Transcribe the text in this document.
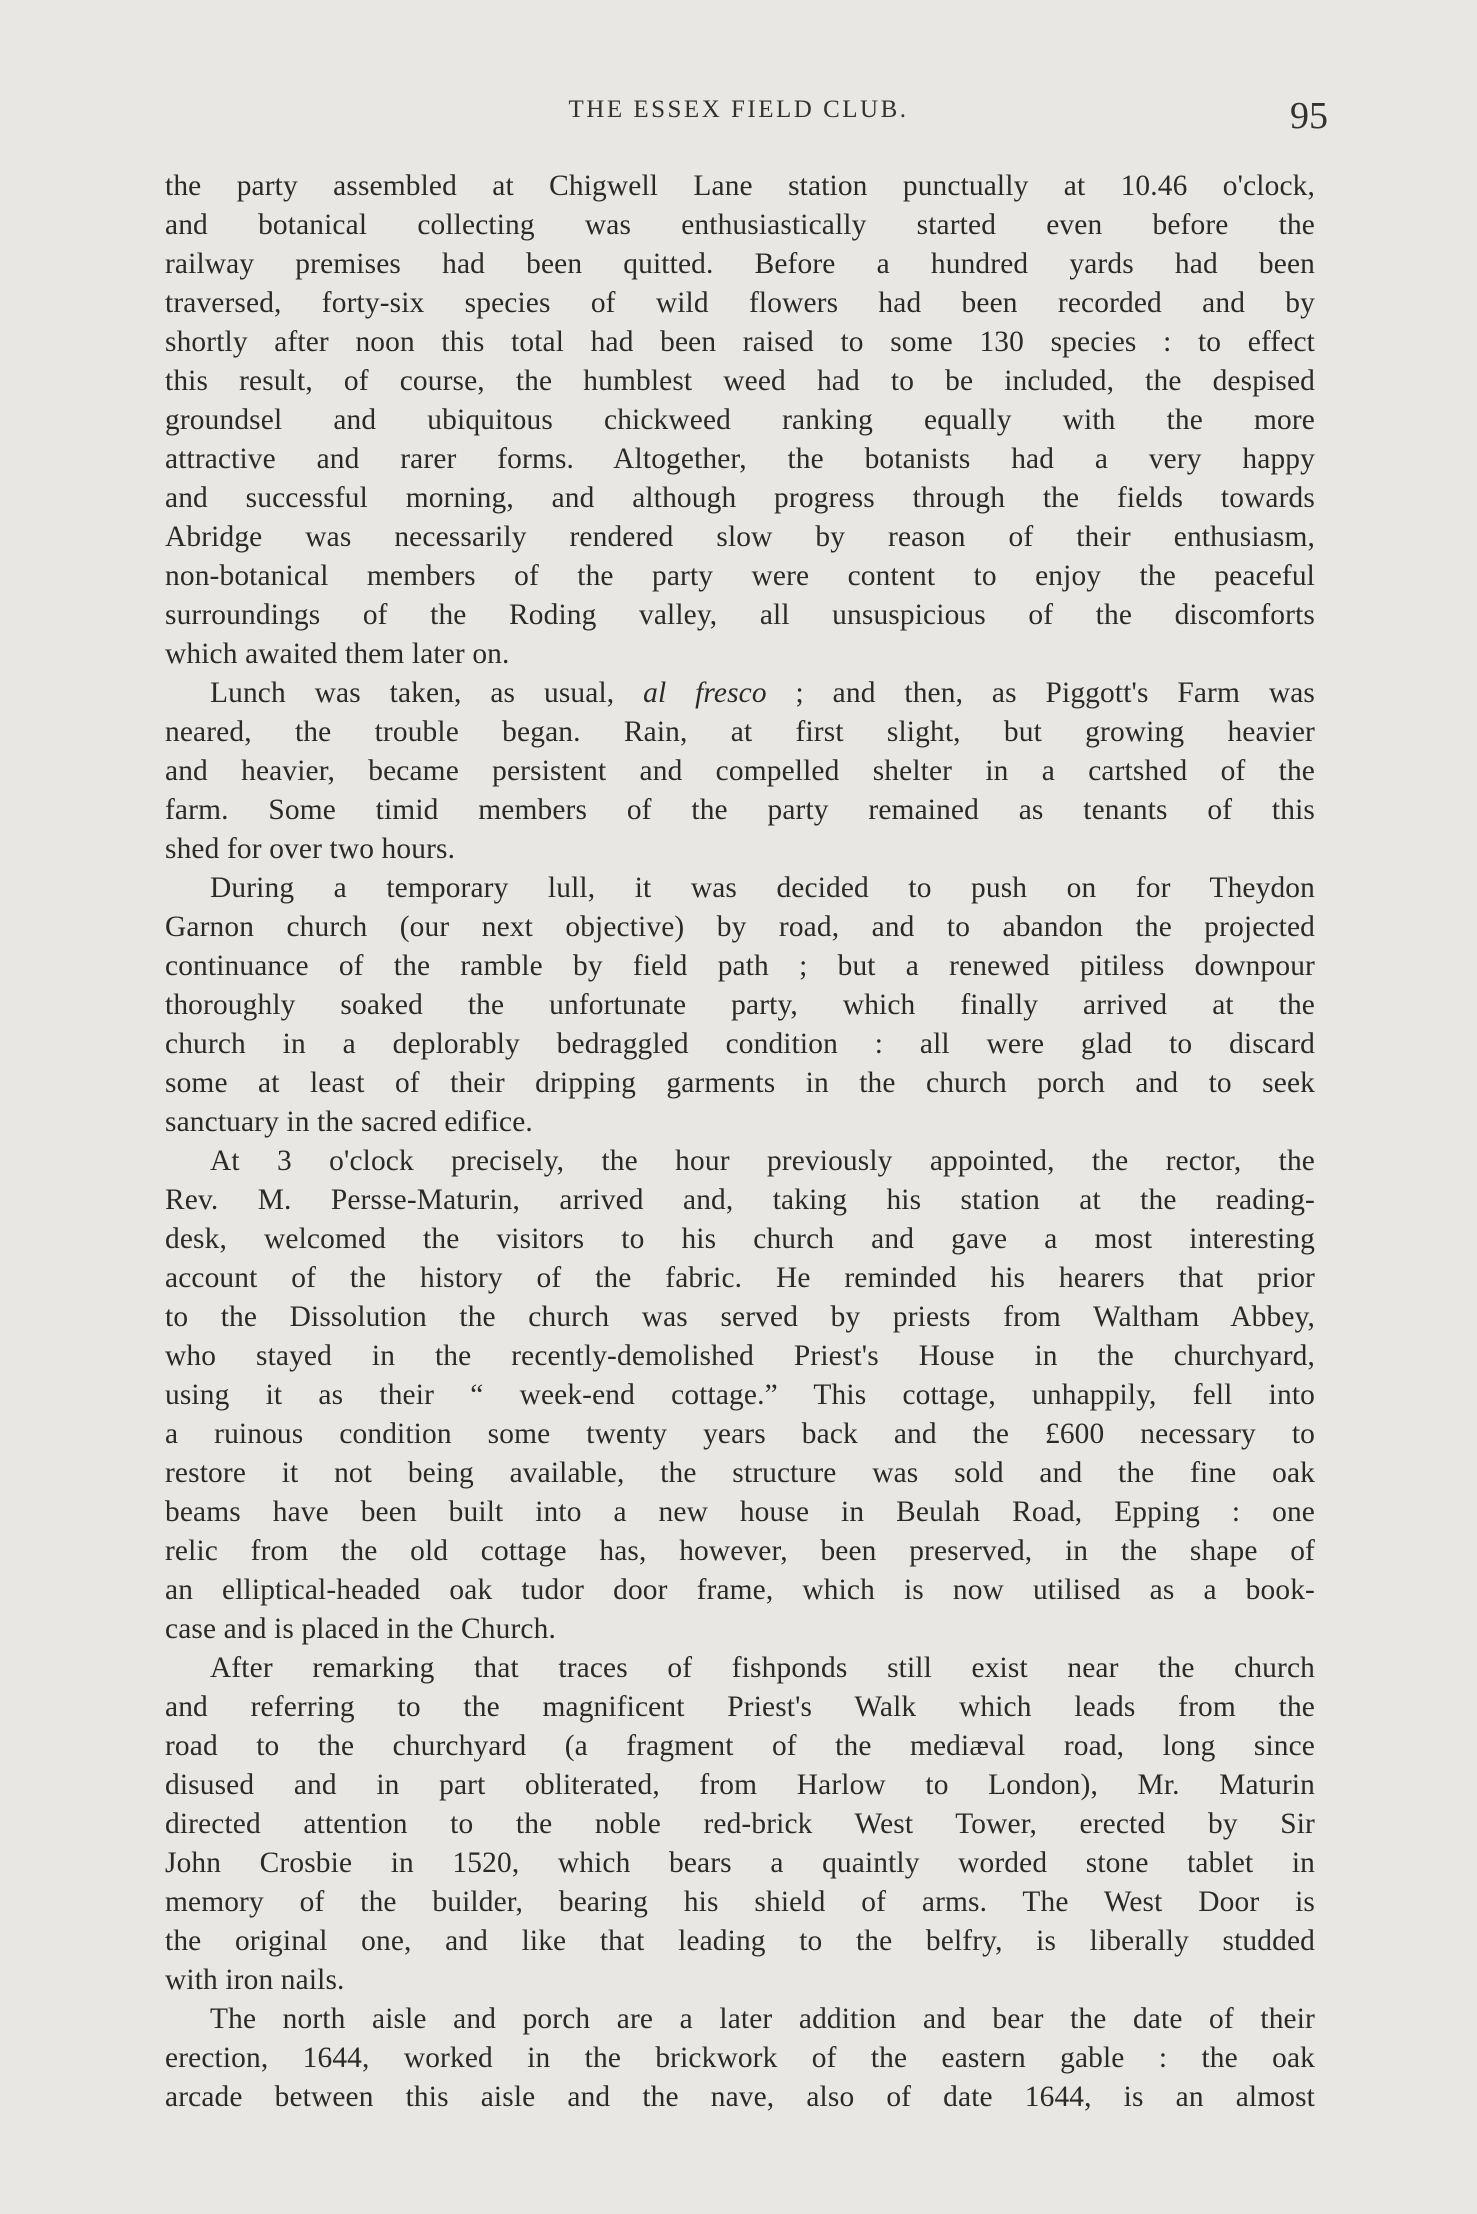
THE ESSEX FIELD CLUB.	95
the party assembled at Chigwell Lane station punctually at 10.46 o'clock,
and botanical collecting was enthusiastically started even before the
railway premises had been quitted. Before a hundred yards had been
traversed, forty-six species of wild flowers had been recorded and by
shortly after noon this total had been raised to some 130 species : to effect
this result, of course, the humblest weed had to be included, the despised
groundsel and ubiquitous chickweed ranking equally with the more
attractive and rarer forms. Altogether, the botanists had a very happy
and successful morning, and although progress through the fields towards
Abridge was necessarily rendered slow by reason of their enthusiasm,
non-botanical members of the party were content to enjoy the peaceful
surroundings of the Roding valley, all unsuspicious of the discomforts
which awaited them later on.
Lunch was taken, as usual, al fresco ; and then, as Piggott's Farm was
neared, the trouble began. Rain, at first slight, but growing heavier
and heavier, became persistent and compelled shelter in a cartshed of the
farm. Some timid members of the party remained as tenants of this
shed for over two hours.
During a temporary lull, it was decided to push on for Theydon
Garnon church (our next objective) by road, and to abandon the projected
continuance of the ramble by field path ; but a renewed pitiless downpour
thoroughly soaked the unfortunate party, which finally arrived at the
church in a deplorably bedraggled condition : all were glad to discard
some at least of their dripping garments in the church porch and to seek
sanctuary in the sacred edifice.
At 3 o'clock precisely, the hour previously appointed, the rector, the
Rev. M. Persse-Maturin, arrived and, taking his station at the reading-
desk, welcomed the visitors to his church and gave a most interesting
account of the history of the fabric. He reminded his hearers that prior
to the Dissolution the church was served by priests from Waltham Abbey,
who stayed in the recently-demolished Priest's House in the churchyard,
using it as their “ week-end cottage.” This cottage, unhappily, fell into
a ruinous condition some twenty years back and the £600 necessary to
restore it not being available, the structure was sold and the fine oak
beams have been built into a new house in Beulah Road, Epping : one
relic from the old cottage has, however, been preserved, in the shape of
an elliptical-headed oak tudor door frame, which is now utilised as a book-
case and is placed in the Church.
After remarking that traces of fishponds still exist near the church
and referring to the magnificent Priest's Walk which leads from the
road to the churchyard (a fragment of the mediæval road, long since
disused and in part obliterated, from Harlow to London), Mr. Maturin
directed attention to the noble red-brick West Tower, erected by Sir
John Crosbie in 1520, which bears a quaintly worded stone tablet in
memory of the builder, bearing his shield of arms. The West Door is
the original one, and like that leading to the belfry, is liberally studded
with iron nails.
The north aisle and porch are a later addition and bear the date of their
erection, 1644, worked in the brickwork of the eastern gable : the oak
arcade between this aisle and the nave, also of date 1644, is an almost
